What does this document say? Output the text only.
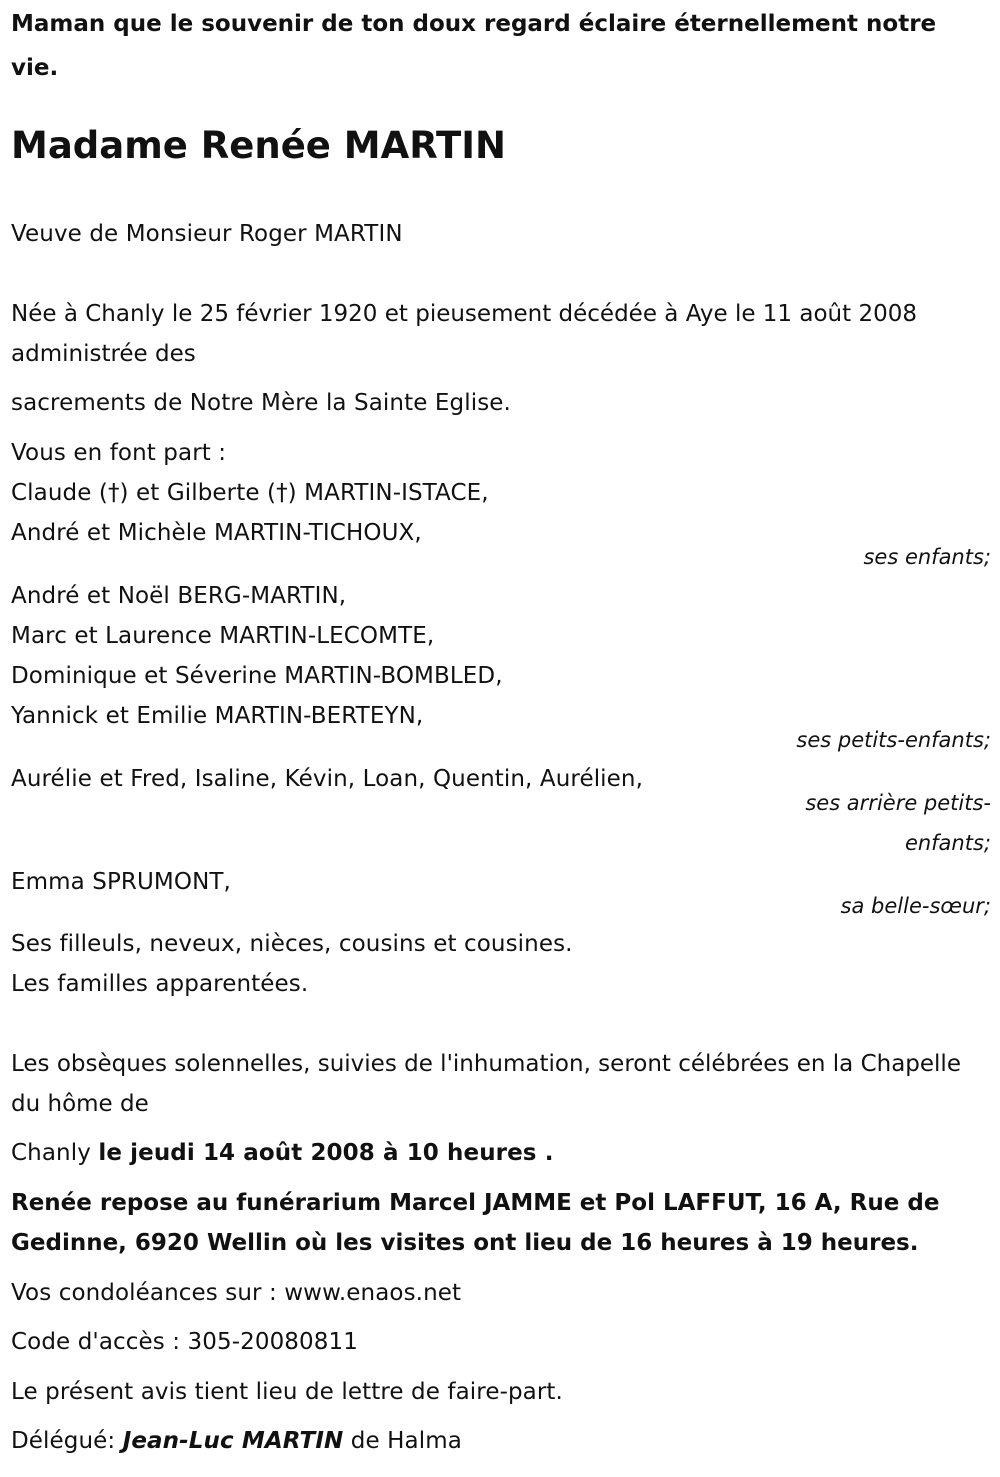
Maman que le souvenir de ton doux regard éclaire éternellement notre vie.
Madame Renée MARTIN
Veuve de Monsieur Roger MARTIN
Née à Chanly le 25 février 1920 et pieusement décédée à Aye le 11 août 2008 administrée des
sacrements de Notre Mère la Sainte Eglise.
Vous en font part :
Claude (†) et Gilberte (†) MARTIN-ISTACE,
André et Michèle MARTIN-TICHOUX,
ses enfants;
André et Noël BERG-MARTIN,
Marc et Laurence MARTIN-LECOMTE,
Dominique et Séverine MARTIN-BOMBLED,
Yannick et Emilie MARTIN-BERTEYN,
ses petits-enfants;
Aurélie et Fred, Isaline, Kévin, Loan, Quentin, Aurélien,
ses arrière petits-
enfants;
Emma SPRUMONT,
sa belle-sœur;
Ses filleuls, neveux, nièces, cousins et cousines.
Les familles apparentées.
Les obsèques solennelles, suivies de l'inhumation, seront célébrées en la Chapelle du hôme de
Chanly le jeudi 14 août 2008 à 10 heures .
Renée repose au funérarium Marcel JAMME et Pol LAFFUT, 16 A, Rue de Gedinne, 6920 Wellin où les visites ont lieu de 16 heures à 19 heures.
Vos condoléances sur : www.enaos.net
Code d'accès : 305-20080811
Le présent avis tient lieu de lettre de faire-part.
Délégué: Jean-Luc MARTIN de Halma
